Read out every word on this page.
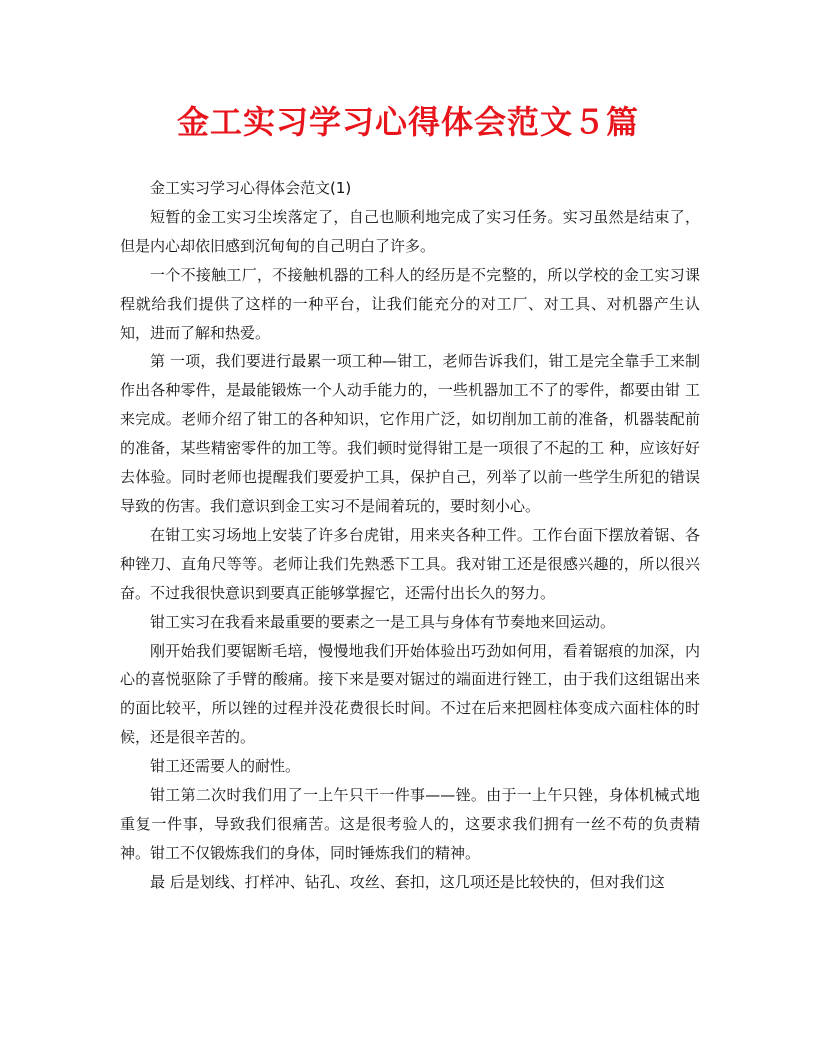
金工实习学习心得体会范文５篇

金工实习学习心得体会范文(1)

短暂的金工实习尘埃落定了，自己也顺利地完成了实习任务。实习虽然是结束了，但是内心却依旧感到沉甸甸的自己明白了许多。

一个不接触工厂，不接触机器的工科人的经历是不完整的，所以学校的金工实习课程就给我们提供了这样的一种平台，让我们能充分的对工厂、对工具、对机器产生认知，进而了解和热爱。

第 一项，我们要进行最累一项工种—钳工，老师告诉我们，钳工是完全靠手工来制作出各种零件，是最能锻炼一个人动手能力的，一些机器加工不了的零件，都要由钳 工来完成。老师介绍了钳工的各种知识，它作用广泛，如切削加工前的准备，机器装配前的准备，某些精密零件的加工等。我们顿时觉得钳工是一项很了不起的工 种，应该好好去体验。同时老师也提醒我们要爱护工具，保护自己，列举了以前一些学生所犯的错误导致的伤害。我们意识到金工实习不是闹着玩的，要时刻小心。

在钳工实习场地上安装了许多台虎钳，用来夹各种工件。工作台面下摆放着锯、各种锉刀、直角尺等等。老师让我们先熟悉下工具。我对钳工还是很感兴趣的，所以很兴奋。不过我很快意识到要真正能够掌握它，还需付出长久的努力。

钳工实习在我看来最重要的要素之一是工具与身体有节奏地来回运动。

刚开始我们要锯断毛培，慢慢地我们开始体验出巧劲如何用，看着锯痕的加深，内心的喜悦驱除了手臂的酸痛。接下来是要对锯过的端面进行锉工，由于我们这组锯出来的面比较平，所以锉的过程并没花费很长时间。不过在后来把圆柱体变成六面柱体的时候，还是很辛苦的。

钳工还需要人的耐性。

钳工第二次时我们用了一上午只干一件事——锉。由于一上午只锉，身体机械式地重复一件事，导致我们很痛苦。这是很考验人的，这要求我们拥有一丝不苟的负责精神。钳工不仅锻炼我们的身体，同时锤炼我们的精神。

最 后是划线、打样冲、钻孔、攻丝、套扣，这几项还是比较快的，但对我们这
